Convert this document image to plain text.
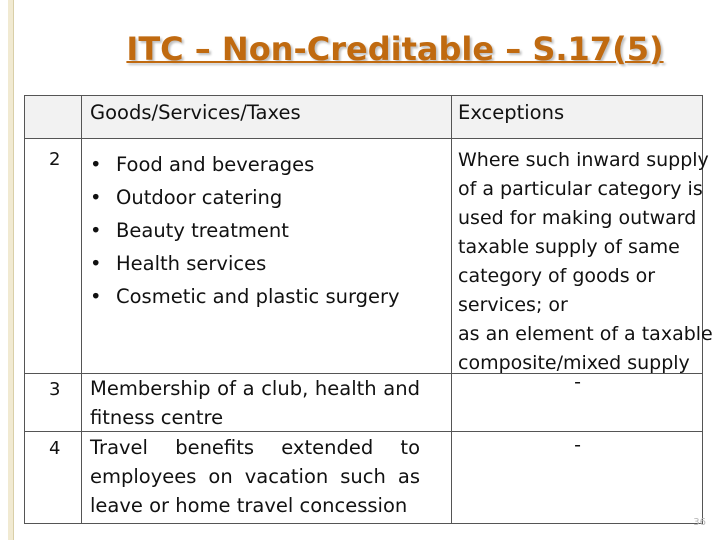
ITC – Non-Creditable – S.17(5)
Goods/Services/Taxes	Exceptions
2 • Food and beverages
• Outdoor catering
• Beauty treatment
• Health services
• Cosmetic and plastic surgery
Where such inward supply
of a particular category is
used for making outward
taxable supply of same
category of goods or
services; or
as an element of a taxable
composite/mixed supply
3 Membership of a club, health and fitness centre
-
4 Travel benefits extended to employees on vacation such as leave or home travel concession
-
36
